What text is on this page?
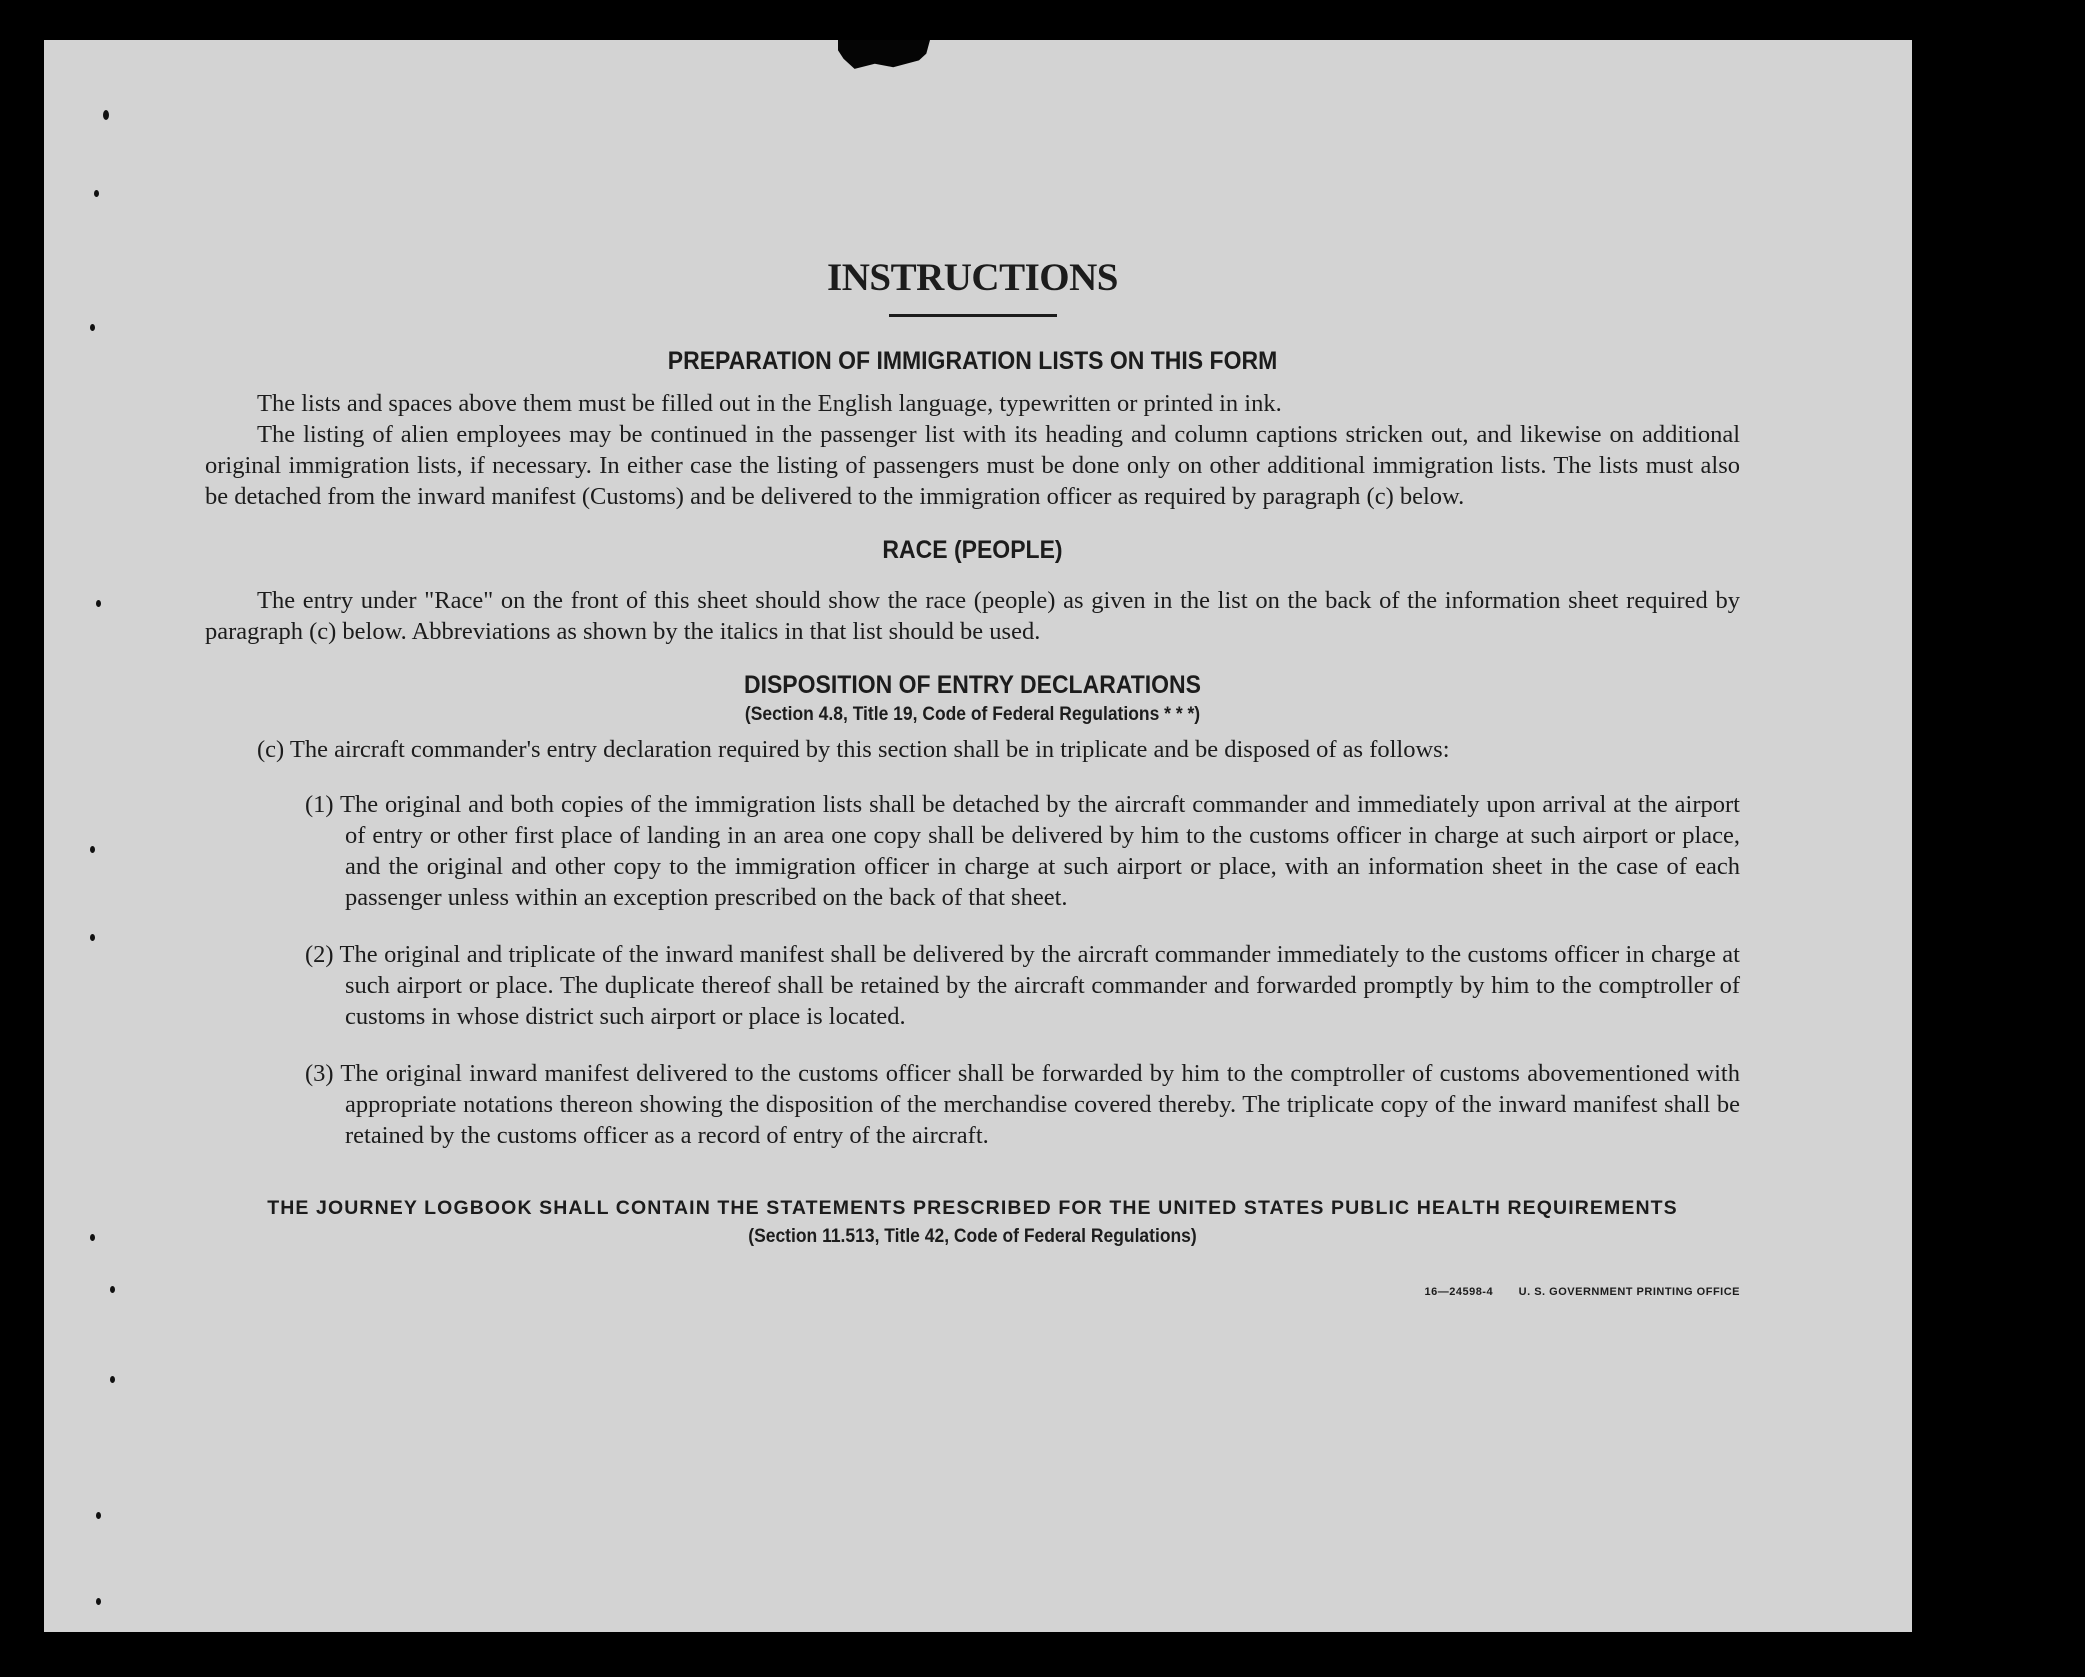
INSTRUCTIONS
PREPARATION OF IMMIGRATION LISTS ON THIS FORM

The lists and spaces above them must be filled out in the English language, typewritten or printed in ink.

The listing of alien employees may be continued in the passenger list with its heading and column captions stricken out, and likewise on additional original immigration lists, if necessary. In either case the listing of passengers must be done only on other additional immigration lists. The lists must also be detached from the inward manifest (Customs) and be delivered to the immigration officer as required by paragraph (c) below.

RACE (PEOPLE)

The entry under "Race" on the front of this sheet should show the race (people) as given in the list on the back of the information sheet required by paragraph (c) below. Abbreviations as shown by the italics in that list should be used.

DISPOSITION OF ENTRY DECLARATIONS
(Section 4.8, Title 19, Code of Federal Regulations * * *)

(c) The aircraft commander's entry declaration required by this section shall be in triplicate and be disposed of as follows:

(1) The original and both copies of the immigration lists shall be detached by the aircraft commander and immediately upon arrival at the airport of entry or other first place of landing in an area one copy shall be delivered by him to the customs officer in charge at such airport or place, and the original and other copy to the immigration officer in charge at such airport or place, with an information sheet in the case of each passenger unless within an exception prescribed on the back of that sheet.

(2) The original and triplicate of the inward manifest shall be delivered by the aircraft commander immediately to the customs officer in charge at such airport or place. The duplicate thereof shall be retained by the aircraft commander and forwarded promptly by him to the comptroller of customs in whose district such airport or place is located.

(3) The original inward manifest delivered to the customs officer shall be forwarded by him to the comptroller of customs abovementioned with appropriate notations thereon showing the disposition of the merchandise covered thereby. The triplicate copy of the inward manifest shall be retained by the customs officer as a record of entry of the aircraft.

THE JOURNEY LOGBOOK SHALL CONTAIN THE STATEMENTS PRESCRIBED FOR THE UNITED STATES PUBLIC HEALTH REQUIREMENTS
(Section 11.513, Title 42, Code of Federal Regulations)
16—24598-4 U. S. GOVERNMENT PRINTING OFFICE
